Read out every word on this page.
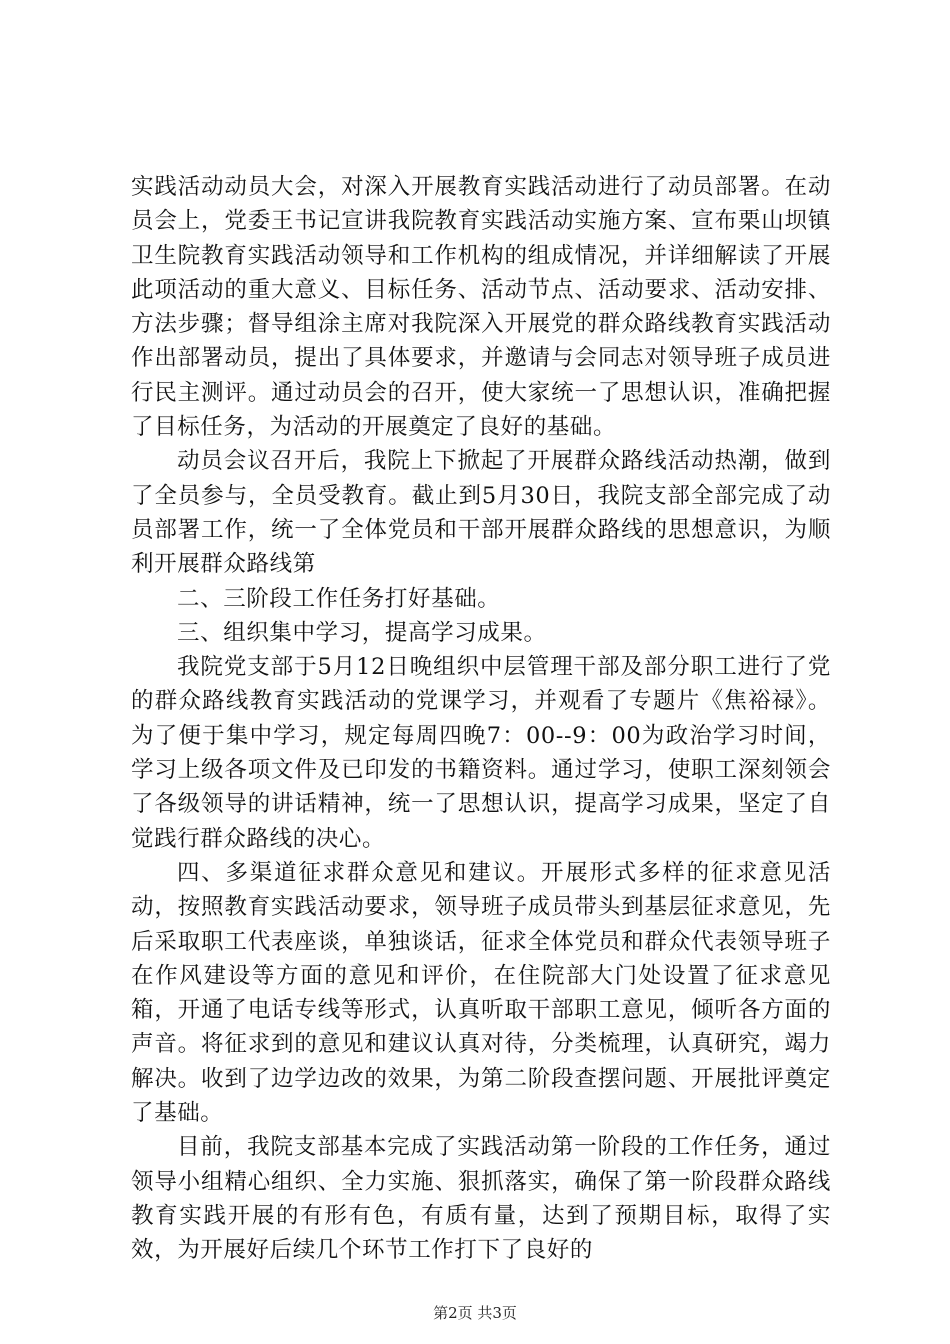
实践活动动员大会，对深入开展教育实践活动进行了动员部署。在动员会上，党委王书记宣讲我院教育实践活动实施方案、宣布栗山坝镇卫生院教育实践活动领导和工作机构的组成情况，并详细解读了开展此项活动的重大意义、目标任务、活动节点、活动要求、活动安排、方法步骤；督导组涂主席对我院深入开展党的群众路线教育实践活动作出部署动员，提出了具体要求，并邀请与会同志对领导班子成员进行民主测评。通过动员会的召开，使大家统一了思想认识，准确把握了目标任务，为活动的开展奠定了良好的基础。

动员会议召开后，我院上下掀起了开展群众路线活动热潮，做到了全员参与，全员受教育。截止到5月30日，我院支部全部完成了动员部署工作，统一了全体党员和干部开展群众路线的思想意识，为顺利开展群众路线第

二、三阶段工作任务打好基础。

三、组织集中学习，提高学习成果。

我院党支部于5月12日晚组织中层管理干部及部分职工进行了党的群众路线教育实践活动的党课学习，并观看了专题片《焦裕禄》。为了便于集中学习，规定每周四晚7：00--9：00为政治学习时间，学习上级各项文件及已印发的书籍资料。通过学习，使职工深刻领会了各级领导的讲话精神，统一了思想认识，提高学习成果，坚定了自觉践行群众路线的决心。

四、多渠道征求群众意见和建议。开展形式多样的征求意见活动，按照教育实践活动要求，领导班子成员带头到基层征求意见，先后采取职工代表座谈，单独谈话，征求全体党员和群众代表领导班子在作风建设等方面的意见和评价，在住院部大门处设置了征求意见箱，开通了电话专线等形式，认真听取干部职工意见，倾听各方面的声音。将征求到的意见和建议认真对待，分类梳理，认真研究，竭力解决。收到了边学边改的效果，为第二阶段查摆问题、开展批评奠定了基础。

目前，我院支部基本完成了实践活动第一阶段的工作任务，通过领导小组精心组织、全力实施、狠抓落实，确保了第一阶段群众路线教育实践开展的有形有色，有质有量，达到了预期目标，取得了实效，为开展好后续几个环节工作打下了良好的

第2页 共3页
